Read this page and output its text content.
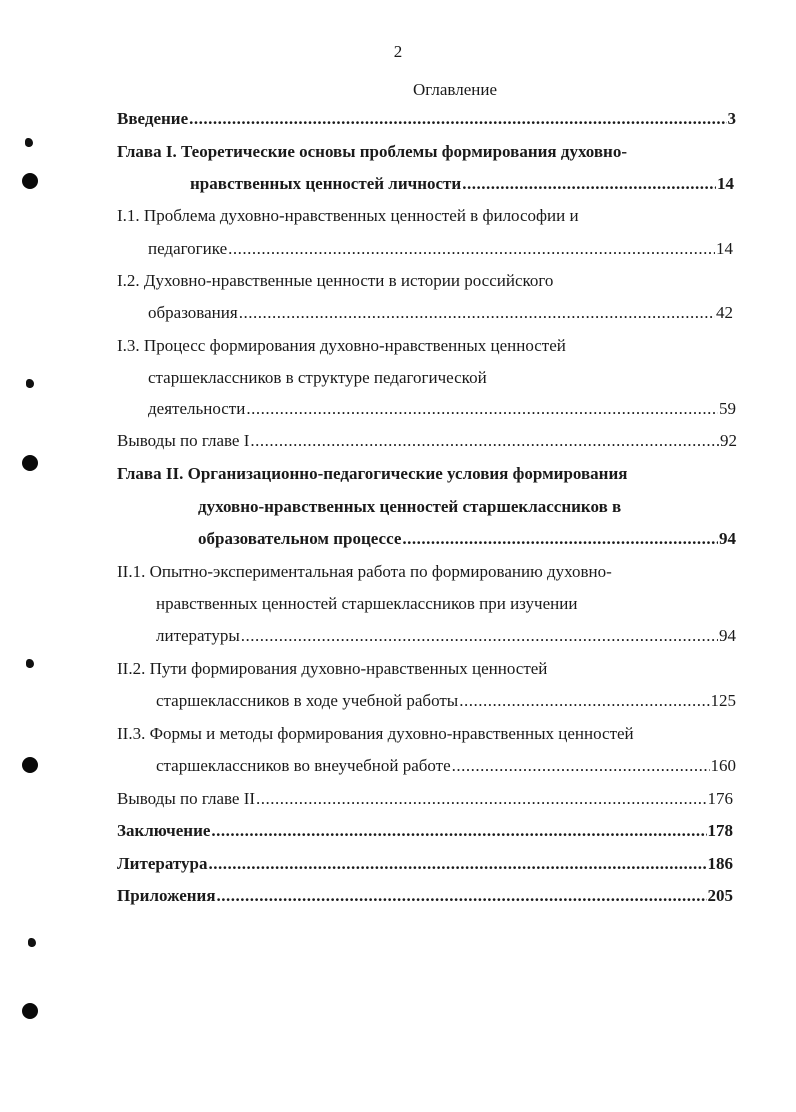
2
Оглавление
Введение .....	3
Глава I. Теоретические основы проблемы формирования духовно-
нравственных ценностей личности .....	14
I.1. Проблема духовно-нравственных ценностей в философии и
педагогике .....	14
I.2. Духовно-нравственные ценности в истории российского
образования .....	42
I.3. Процесс формирования духовно-нравственных ценностей
старшеклассников в структуре педагогической
деятельности .....	59
Выводы по главе I .....	92
Глава II. Организационно-педагогические условия формирования
духовно-нравственных ценностей старшеклассников в
образовательном процессе .....	94
II.1. Опытно-экспериментальная работа по формированию духовно-
нравственных ценностей старшеклассников при изучении
литературы .....	94
II.2. Пути формирования духовно-нравственных ценностей
старшеклассников в ходе учебной работы .....	125
II.3. Формы и методы формирования духовно-нравственных ценностей
старшеклассников во внеучебной работе .....	160
Выводы по главе II .....	176
Заключение .....	178
Литература .....	186
Приложения .....	205
